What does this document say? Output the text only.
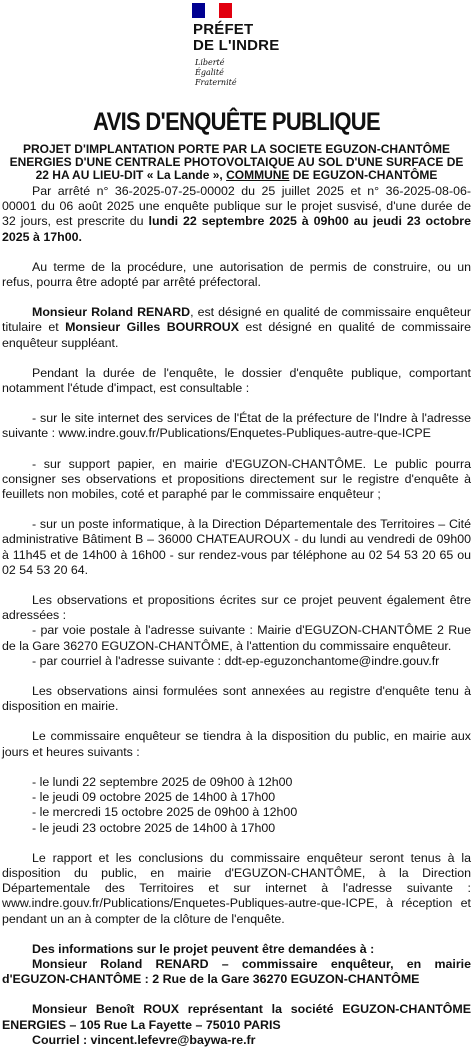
PRÉFET
DE L'INDRE
Liberté
Égalité
Fraternité
AVIS D'ENQUÊTE PUBLIQUE

PROJET D'IMPLANTATION PORTE PAR LA SOCIETE EGUZON-CHANTÔME
ENERGIES D'UNE CENTRALE PHOTOVOLTAIQUE AU SOL D'UNE SURFACE DE
22 HA AU LIEU-DIT « La Lande », COMMUNE DE EGUZON-CHANTÔME

Par arrêté n° 36-2025-07-25-00002 du 25 juillet 2025 et n° 36-2025-08-06-00001 du 06 août 2025 une enquête publique sur le projet susvisé, d'une durée de 32 jours, est prescrite du lundi 22 septembre 2025 à 09h00 au jeudi 23 octobre 2025 à 17h00.

Au terme de la procédure, une autorisation de permis de construire, ou un refus, pourra être adopté par arrêté préfectoral.

Monsieur Roland RENARD, est désigné en qualité de commissaire enquêteur titulaire et Monsieur Gilles BOURROUX est désigné en qualité de commissaire enquêteur suppléant.

Pendant la durée de l'enquête, le dossier d'enquête publique, comportant notamment l'étude d'impact, est consultable :

- sur le site internet des services de l'État de la préfecture de l'Indre à l'adresse suivante : www.indre.gouv.fr/Publications/Enquetes-Publiques-autre-que-ICPE

- sur support papier, en mairie d'EGUZON-CHANTÔME. Le public pourra consigner ses observations et propositions directement sur le registre d'enquête à feuillets non mobiles, coté et paraphé par le commissaire enquêteur ;

- sur un poste informatique, à la Direction Départementale des Territoires – Cité administrative Bâtiment B – 36000 CHATEAUROUX - du lundi au vendredi de 09h00 à 11h45 et de 14h00 à 16h00 - sur rendez-vous par téléphone au 02 54 53 20 65 ou 02 54 53 20 64.

Les observations et propositions écrites sur ce projet peuvent également être adressées :

- par voie postale à l'adresse suivante : Mairie d'EGUZON-CHANTÔME 2 Rue de la Gare 36270 EGUZON-CHANTÔME, à l'attention du commissaire enquêteur.

- par courriel à l'adresse suivante : ddt-ep-eguzonchantome@indre.gouv.fr

Les observations ainsi formulées sont annexées au registre d'enquête tenu à disposition en mairie.

Le commissaire enquêteur se tiendra à la disposition du public, en mairie aux jours et heures suivants :

- le lundi 22 septembre 2025 de 09h00 à 12h00

- le jeudi 09 octobre 2025 de 14h00 à 17h00

- le mercredi 15 octobre 2025 de 09h00 à 12h00

- le jeudi 23 octobre 2025 de 14h00 à 17h00

Le rapport et les conclusions du commissaire enquêteur seront tenus à la disposition du public, en mairie d'EGUZON-CHANTÔME, à la Direction Départementale des Territoires et sur internet à l'adresse suivante : www.indre.gouv.fr/Publications/Enquetes-Publiques-autre-que-ICPE, à réception et pendant un an à compter de la clôture de l'enquête.

Des informations sur le projet peuvent être demandées à :

Monsieur Roland RENARD – commissaire enquêteur, en mairie d'EGUZON-CHANTÔME : 2 Rue de la Gare 36270 EGUZON-CHANTÔME

Monsieur Benoît ROUX représentant la société EGUZON-CHANTÔME ENERGIES – 105 Rue La Fayette – 75010 PARIS

Courriel : vincent.lefevre@baywa-re.fr
